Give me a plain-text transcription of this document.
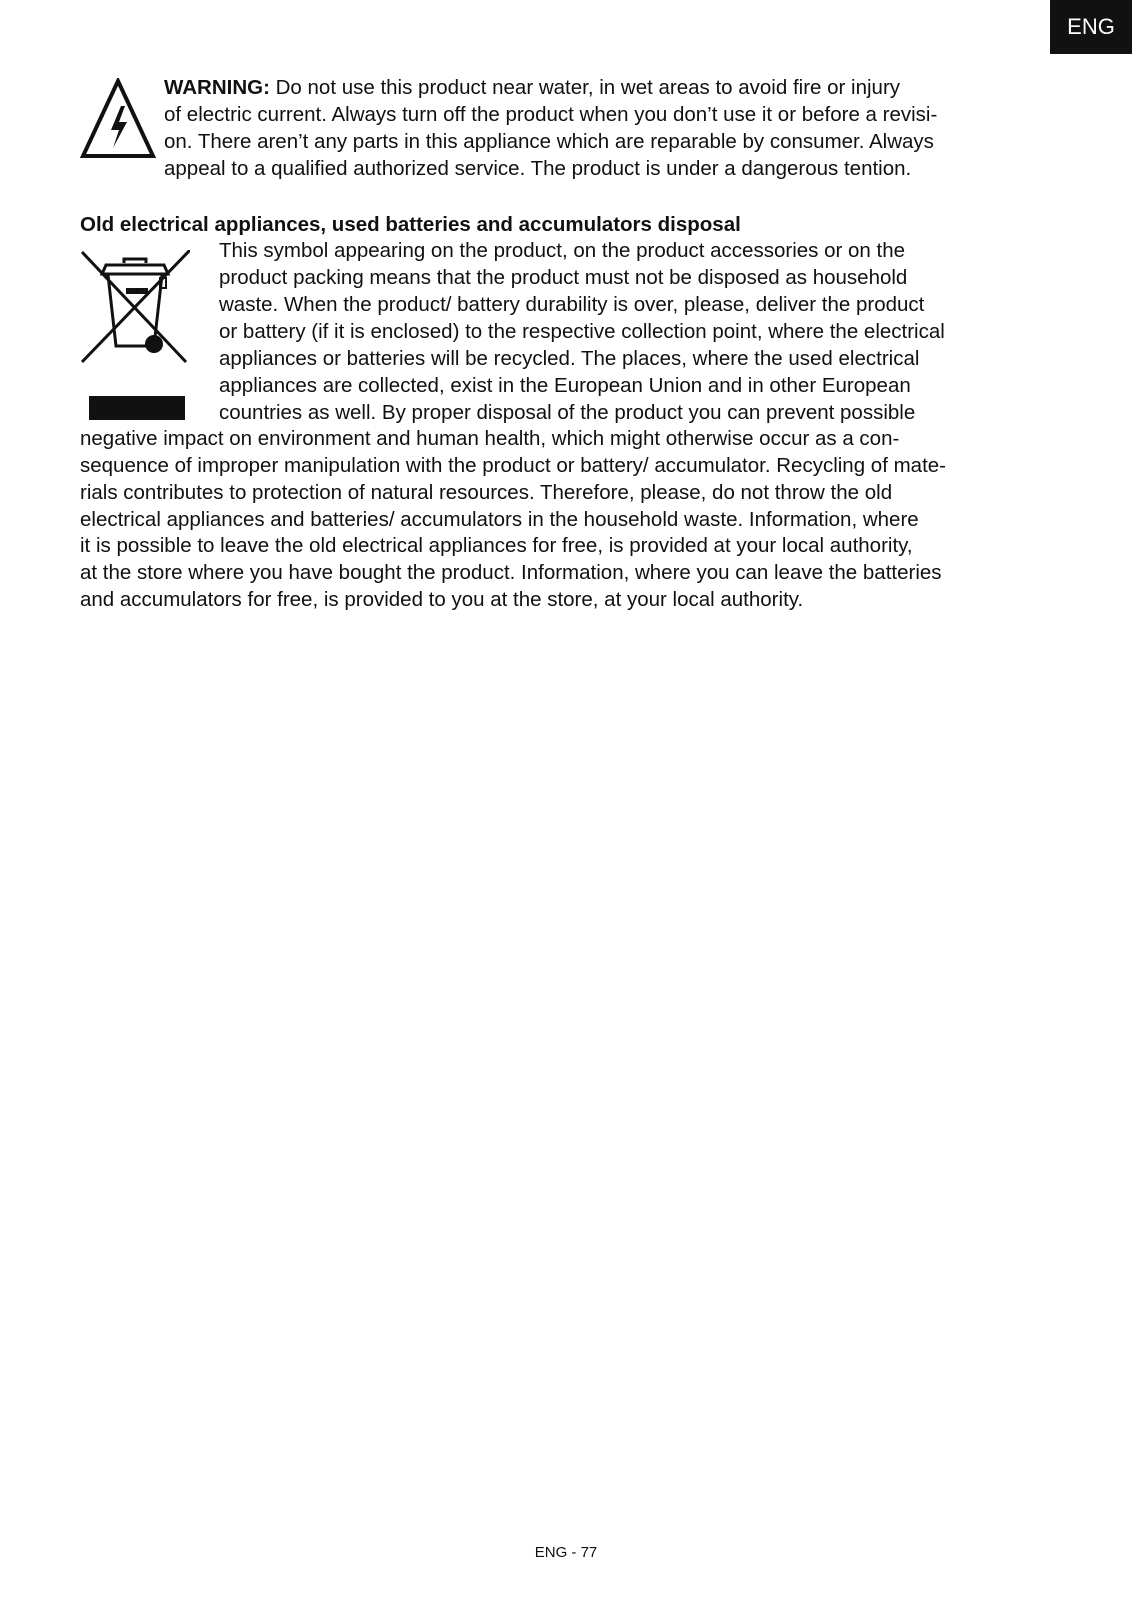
ENG
WARNING: Do not use this product near water, in wet areas to avoid fire or injury
of electric current. Always turn off the product when you don’t use it or before a revisi-
on. There aren’t any parts in this appliance which are reparable by consumer. Always
appeal to a qualified authorized service. The product is under a dangerous tention.
Old electrical appliances, used batteries and accumulators disposal
This symbol appearing on the product, on the product accessories or on the
product packing means that the product must not be disposed as household
waste. When the product/ battery durability is over, please, deliver the product
or battery (if it is enclosed) to the respective collection point, where the electrical
appliances or batteries will be recycled. The places, where the used electrical
appliances are collected, exist in the European Union and in other European
countries as well. By proper disposal of the product you can prevent possible
negative impact on environment and human health, which might otherwise occur as a con-
sequence of improper manipulation with the product or battery/ accumulator. Recycling of mate-
rials contributes to protection of natural resources. Therefore, please, do not throw the old
electrical appliances and batteries/ accumulators in the household waste. Information, where
it is possible to leave the old electrical appliances for free, is provided at your local authority,
at the store where you have bought the product. Information, where you can leave the batteries
and accumulators for free, is provided to you at the store, at your local authority.
ENG - 77
